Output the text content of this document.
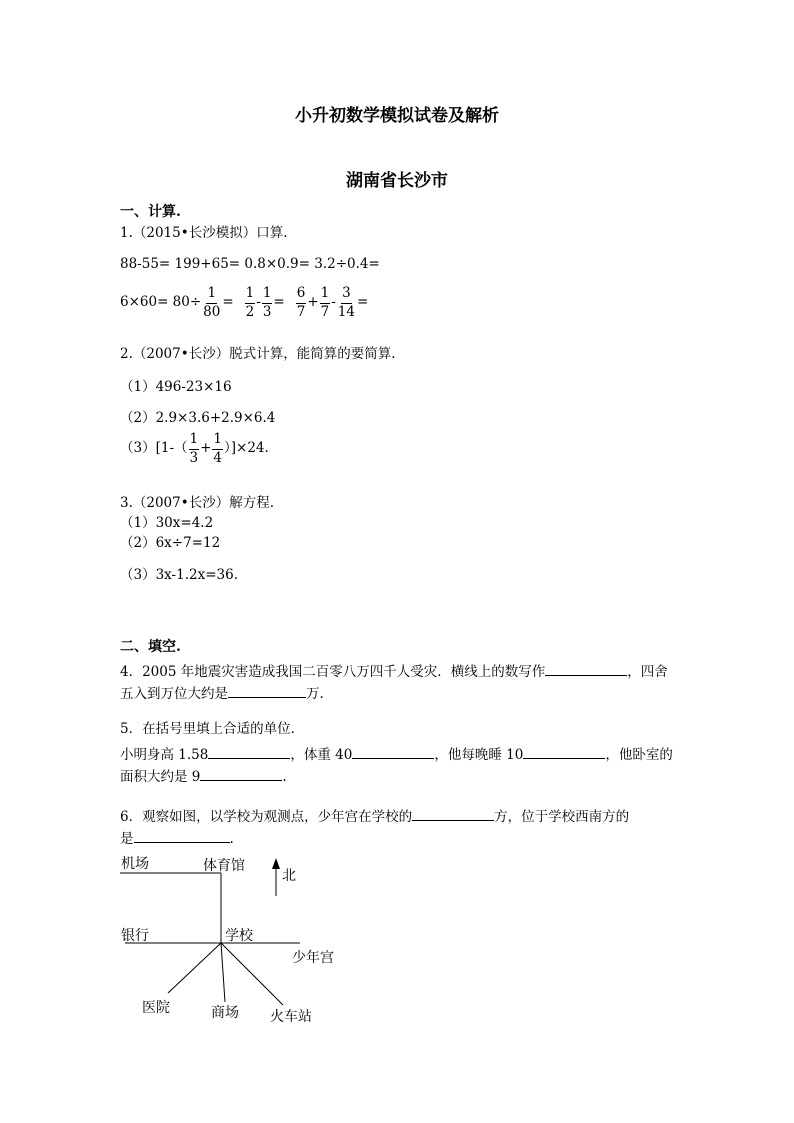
小升初数学模拟试卷及解析
湖南省长沙市
一、计算.
1.（2015•长沙模拟）口算.
88-55= 199+65= 0.8×0.9= 3.2÷0.4=
$6\times 60= 80\div \frac{1}{80} = \frac{1}{2} - \frac{1}{3} = \frac{6}{7} + \frac{1}{7} - \frac{3}{14}$ =
2.（2007•长沙）脱式计算，能简算的要简算.
（1）496-23×16
（2）2.9×3.6+2.9×6.4
$(3)[1-( \frac{1}{3} + \frac{1}{4} )]\times 24$.
3.（2007•长沙）解方程.
（1）30x=4.2
（2）6x÷7=12
（3）3x-1.2x=36.
二、填空.
4．2005 年地震灾害造成我国二百零八万四千人受灾．横线上的数写作	，四舍
五入到万位大约是	万.
5．在括号里填上合适的单位．
小明身高 1.58	，体重 40	，他每晚睡 10	，他卧室的
面积大约是 9	.
6．观察如图，以学校为观测点，少年宫在学校的	方，位于学校西南方的
是	.
机场	体育馆
北
银行	学校
少年宫
医院	商场 火车站
